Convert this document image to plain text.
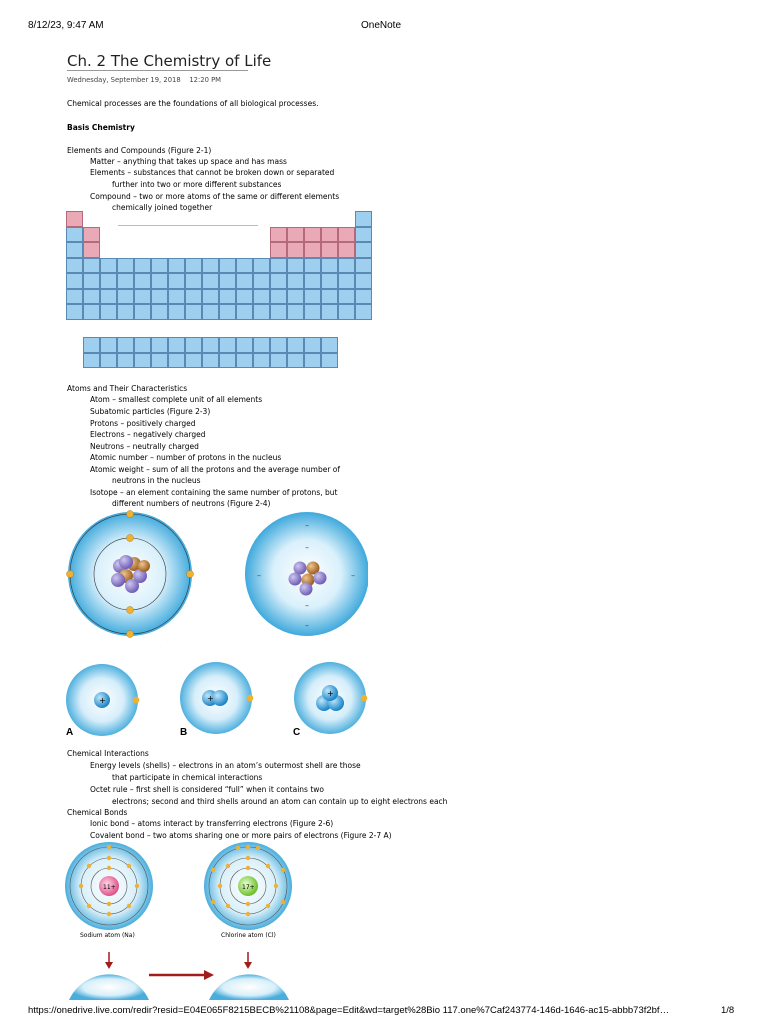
8/12/23, 9:47 AM	OneNote
Ch. 2 The Chemistry of Life
Wednesday, September 19, 2018 12:20 PM
Chemical processes are the foundations of all biological processes.
Basis Chemistry
Elements and Compounds (Figure 2-1)
Matter – anything that takes up space and has mass
Elements – substances that cannot be broken down or separated
further into two or more different substances
Compound – two or more atoms of the same or different elements
chemically joined together
Atoms and Their Characteristics
Atom – smallest complete unit of all elements
Subatomic particles (Figure 2-3)
Protons – positively charged
Electrons – negatively charged
Neutrons – neutrally charged
Atomic number – number of protons in the nucleus
Atomic weight – sum of all the protons and the average number of
neutrons in the nucleus
Isotope – an element containing the same number of protons, but
different numbers of neutrons (Figure 2-4)
–
–
–	–
–
–
·
+	+
+
A	B	C
Chemical Interactions
Energy levels (shells) – electrons in an atom’s outermost shell are those
that participate in chemical interactions
Octet rule – first shell is considered “full” when it contains two
electrons; second and third shells around an atom can contain up to eight electrons each
Chemical Bonds
Ionic bond – atoms interact by transferring electrons (Figure 2-6)
Covalent bond – two atoms sharing one or more pairs of electrons (Figure 2-7 A)
11+	17+
Sodium atom (Na)	Chlorine atom (Cl)
https://onedrive.live.com/redir?resid=E04E065F8215BECB%21108&page=Edit&wd=target%28Bio 117.one%7Caf243774-146d-1646-ac15-abbb73f2bf…	1/8
